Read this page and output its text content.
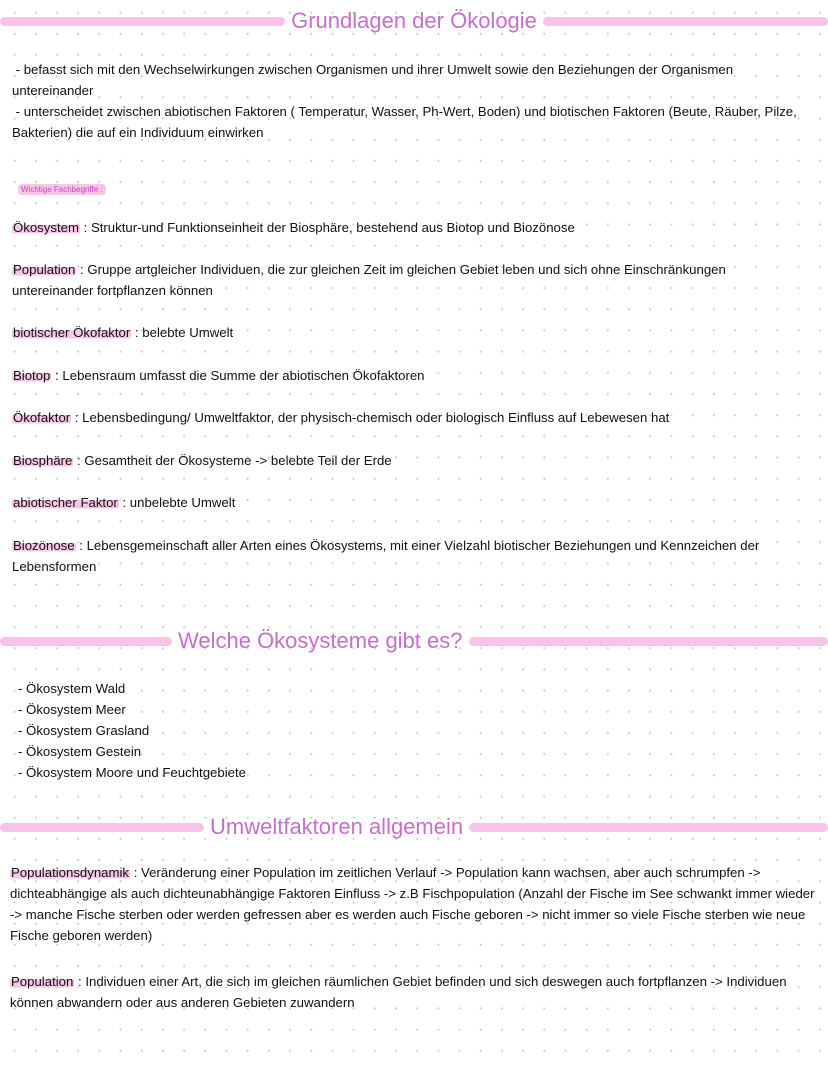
Grundlagen der Ökologie
- befasst sich mit den Wechselwirkungen zwischen Organismen und ihrer Umwelt sowie den Beziehungen der Organismen untereinander
- unterscheidet zwischen abiotischen Faktoren ( Temperatur, Wasser, Ph-Wert, Boden) und biotischen Faktoren (Beute, Räuber, Pilze, Bakterien) die auf ein Individuum einwirken
Wichtige Fachbegriffe :
Ökosystem : Struktur-und Funktionseinheit der Biosphäre, bestehend aus Biotop und Biozönose
Population : Gruppe artgleicher Individuen, die zur gleichen Zeit im gleichen Gebiet leben und sich ohne Einschränkungen untereinander fortpflanzen können
biotischer Ökofaktor : belebte Umwelt
Biotop : Lebensraum umfasst die Summe der abiotischen Ökofaktoren
Ökofaktor : Lebensbedingung/ Umweltfaktor, der physisch-chemisch oder biologisch Einfluss auf Lebewesen hat
Biosphäre : Gesamtheit der Ökosysteme -> belebte Teil der Erde
abiotischer Faktor : unbelebte Umwelt
Biozönose : Lebensgemeinschaft aller Arten eines Ökosystems, mit einer Vielzahl biotischer Beziehungen und Kennzeichen der Lebensformen
Welche Ökosysteme gibt es?
- Ökosystem Wald
- Ökosystem Meer
- Ökosystem Grasland
- Ökosystem Gestein
- Ökosystem Moore und Feuchtgebiete
Umweltfaktoren allgemein
Populationsdynamik : Veränderung einer Population im zeitlichen Verlauf -> Population kann wachsen, aber auch schrumpfen -> dichteabhängige als auch dichteunabhängige Faktoren Einfluss -> z.B Fischpopulation (Anzahl der Fische im See schwankt immer wieder -> manche Fische sterben oder werden gefressen aber es werden auch Fische geboren -> nicht immer so viele Fische sterben wie neue Fische geboren werden)
Population : Individuen einer Art, die sich im gleichen räumlichen Gebiet befinden und sich deswegen auch fortpflanzen -> Individuen können abwandern oder aus anderen Gebieten zuwandern
